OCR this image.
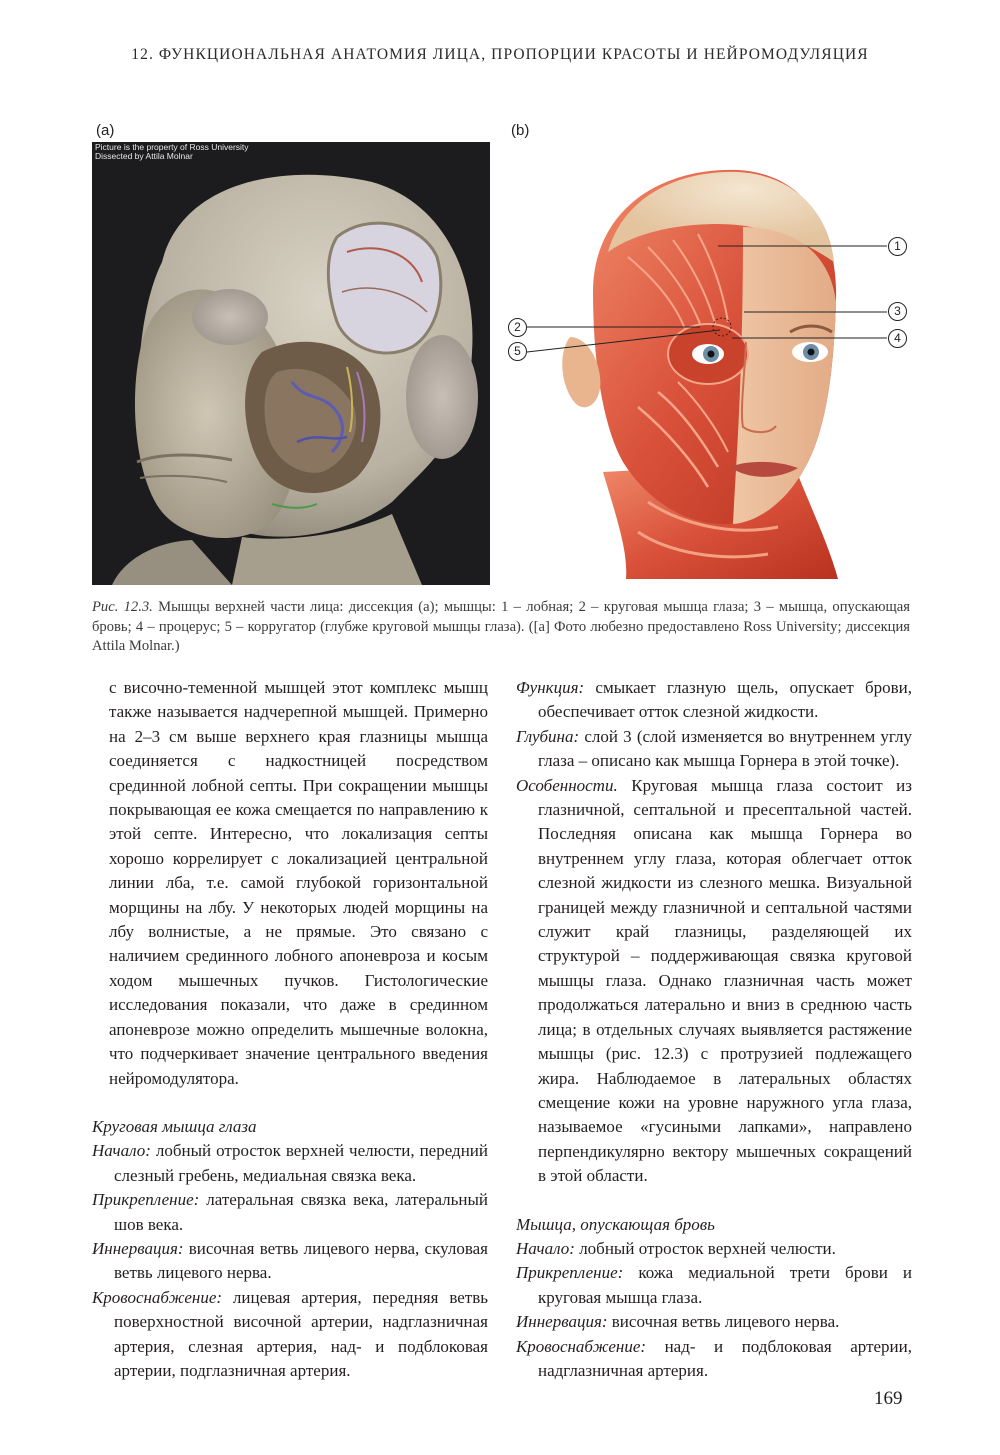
12. ФУНКЦИОНАЛЬНАЯ АНАТОМИЯ ЛИЦА, ПРОПОРЦИИ КРАСОТЫ И НЕЙРОМОДУЛЯЦИЯ
(a)	(b)
Picture is the property of Ross University
Dissected by Attila Molnar
1
2
3
4
5
Рис. 12.3. Мышцы верхней части лица: диссекция (a); мышцы: 1 – лобная; 2 – круговая мышца глаза; 3 – мышца, опускающая бровь; 4 – процерус; 5 – корругатор (глубже круговой мышцы глаза). ([a] Фото любезно предоставлено Ross University; диссекция Attila Molnar.)

с височно-теменной мышцей этот комплекс мышц также называется надчерепной мышцей. Примерно на 2–3 см выше верхнего края глазницы мышца соединяется с надкостницей посредством срединной лобной септы. При сокращении мышцы покрывающая ее кожа смещается по направлению к этой септе. Интересно, что локализация септы хорошо коррелирует с локализацией центральной линии лба, т.е. самой глубокой горизонтальной морщины на лбу. У некоторых людей морщины на лбу волнистые, а не прямые. Это связано с наличием срединного лобного апоневроза и косым ходом мышечных пучков. Гистологические исследования показали, что даже в срединном апоневрозе можно определить мышечные волокна, что подчеркивает значение центрального введения нейромодулятора.

Круговая мышца глаза

Начало: лобный отросток верхней челюсти, передний слезный гребень, медиальная связка века.

Прикрепление: латеральная связка века, латеральный шов века.

Иннервация: височная ветвь лицевого нерва, скуловая ветвь лицевого нерва.

Кровоснабжение: лицевая артерия, передняя ветвь поверхностной височной артерии, надглазничная артерия, слезная артерия, над- и подблоковая артерии, подглазничная артерия.

Функция: смыкает глазную щель, опускает брови, обеспечивает отток слезной жидкости.

Глубина: слой 3 (слой изменяется во внутреннем углу глаза – описано как мышца Горнера в этой точке).

Особенности. Круговая мышца глаза состоит из глазничной, септальной и пресептальной частей. Последняя описана как мышца Горнера во внутреннем углу глаза, которая облегчает отток слезной жидкости из слезного мешка. Визуальной границей между глазничной и септальной частями служит край глазницы, разделяющей их структурой – поддерживающая связка круговой мышцы глаза. Однако глазничная часть может продолжаться латерально и вниз в среднюю часть лица; в отдельных случаях выявляется растяжение мышцы (рис. 12.3) с протрузией подлежащего жира. Наблюдаемое в латеральных областях смещение кожи на уровне наружного угла глаза, называемое «гусиными лапками», направлено перпендикулярно вектору мышечных сокращений в этой области.

Мышца, опускающая бровь

Начало: лобный отросток верхней челюсти.

Прикрепление: кожа медиальной трети брови и круговая мышца глаза.

Иннервация: височная ветвь лицевого нерва.

Кровоснабжение: над- и подблоковая артерии, надглазничная артерия.

169
